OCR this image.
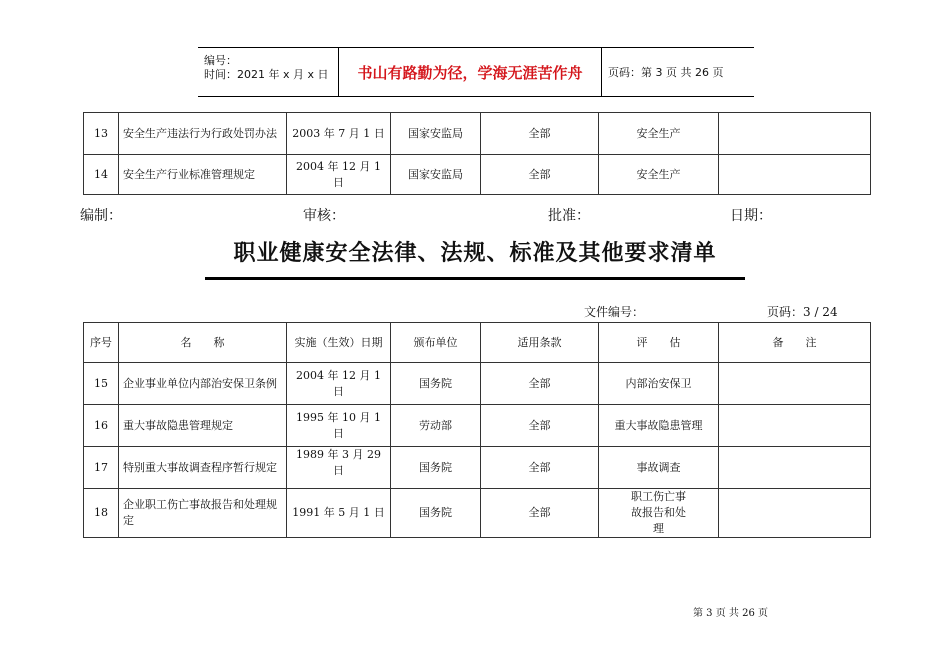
编号：
时间：2021 年 x 月 x 日	书山有路勤为径，学海无涯苦作舟	页码：第 3 页 共 26 页
13	安全生产违法行为行政处罚办法	2003 年 7 月 1 日	国家安监局	全部	安全生产	
14	安全生产行业标准管理规定	2004 年 12 月 1 日	国家安监局	全部	安全生产	
编制：	审核：	批准：	日期：
职业健康安全法律、法规、标准及其他要求清单
文件编号：	页码：3 / 24
序号	名　　称	实施（生效）日期	颁布单位	适用条款	评　　估	备　　注
15	企业事业单位内部治安保卫条例	2004 年 12 月 1 日	国务院	全部	内部治安保卫	
16	重大事故隐患管理规定	1995 年 10 月 1 日	劳动部	全部	重大事故隐患管理	
17	特别重大事故调查程序暂行规定	1989 年 3 月 29 日	国务院	全部	事故调查	
18	企业职工伤亡事故报告和处理规定	1991 年 5 月 1 日	国务院	全部	职工伤亡事故报告和处理	
第 3 页 共 26 页
